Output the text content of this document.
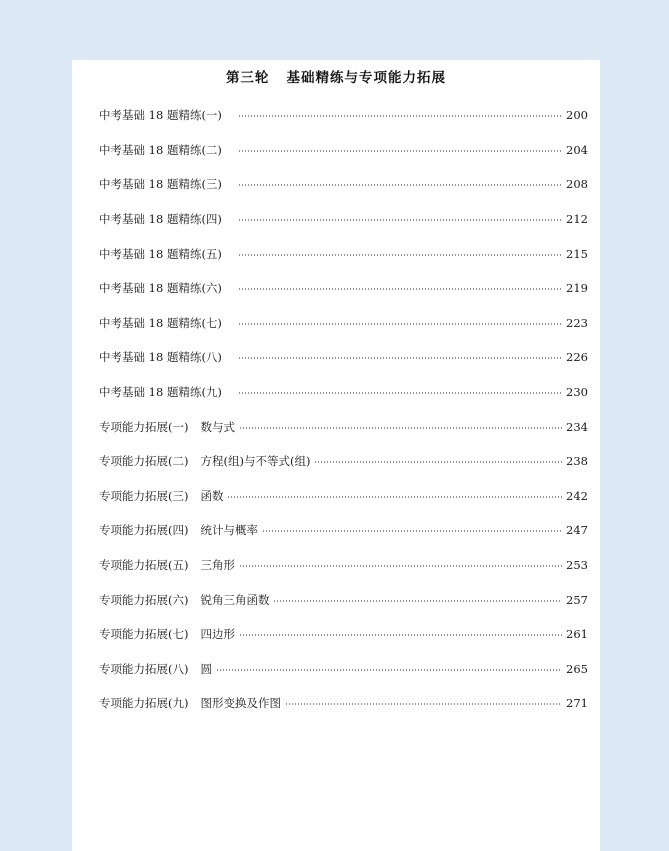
第三轮   基础精练与专项能力拓展
中考基础 18 题精练(一)	200
中考基础 18 题精练(二)	204
中考基础 18 题精练(三)	208
中考基础 18 题精练(四)	212
中考基础 18 题精练(五)	215
中考基础 18 题精练(六)	219
中考基础 18 题精练(七)	223
中考基础 18 题精练(八)	226
中考基础 18 题精练(九)	230
专项能力拓展(一) 数与式	234
专项能力拓展(二) 方程(组)与不等式(组)	238
专项能力拓展(三) 函数	242
专项能力拓展(四) 统计与概率	247
专项能力拓展(五) 三角形	253
专项能力拓展(六) 锐角三角函数	257
专项能力拓展(七) 四边形	261
专项能力拓展(八) 圆	265
专项能力拓展(九) 图形变换及作图	271
